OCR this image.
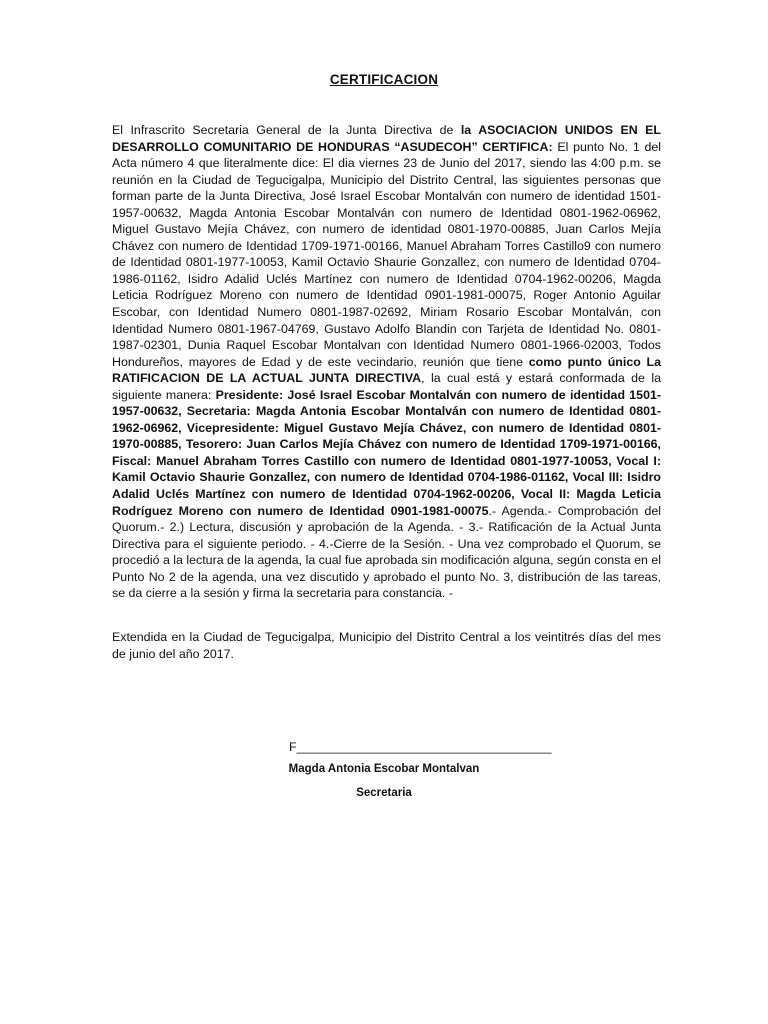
CERTIFICACION

El Infrascrito Secretaria General de la Junta Directiva de la ASOCIACION UNIDOS EN EL DESARROLLO COMUNITARIO DE HONDURAS “ASUDECOH” CERTIFICA: El punto No. 1 del Acta número 4 que literalmente dice: El dia viernes 23 de Junio del 2017, siendo las 4:00 p.m. se reunión en la Ciudad de Tegucigalpa, Municipio del Distrito Central, las siguientes personas que forman parte de la Junta Directiva, José Israel Escobar Montalván con numero de identidad 1501-1957-00632, Magda Antonia Escobar Montalván con numero de Identidad 0801-1962-06962, Miguel Gustavo Mejía Chávez, con numero de identidad 0801-1970-00885, Juan Carlos Mejía Chávez con numero de Identidad 1709-1971-00166, Manuel Abraham Torres Castillo9 con numero de Identidad 0801-1977-10053, Kamil Octavio Shaurie Gonzallez, con numero de Identidad 0704-1986-01162, Isidro Adalid Uclés Martínez con numero de Identidad 0704-1962-00206, Magda Leticia Rodríguez Moreno con numero de Identidad 0901-1981-00075, Roger Antonio Aguilar Escobar, con Identidad Numero 0801-1987-02692, Miriam Rosario Escobar Montalván, con Identidad Numero 0801-1967-04769, Gustavo Adolfo Blandin con Tarjeta de Identidad No. 0801-1987-02301, Dunia Raquel Escobar Montalvan con Identidad Numero 0801-1966-02003, Todos Hondureños, mayores de Edad y de este vecindario, reunión que tiene como punto único La RATIFICACION DE LA ACTUAL JUNTA DIRECTIVA, la cual está y estará conformada de la siguiente manera: Presidente: José Israel Escobar Montalván con numero de identidad 1501-1957-00632, Secretaria: Magda Antonia Escobar Montalván con numero de Identidad 0801-1962-06962, Vicepresidente: Miguel Gustavo Mejía Chávez, con numero de Identidad 0801-1970-00885, Tesorero: Juan Carlos Mejía Chávez con numero de Identidad 1709-1971-00166, Fiscal: Manuel Abraham Torres Castillo con numero de Identidad 0801-1977-10053, Vocal I: Kamil Octavio Shaurie Gonzallez, con numero de Identidad 0704-1986-01162, Vocal III: Isidro Adalid Uclés Martínez con numero de Identidad 0704-1962-00206, Vocal II: Magda Leticia Rodríguez Moreno con numero de Identidad 0901-1981-00075.- Agenda.- Comprobación del Quorum.- 2.) Lectura, discusión y aprobación de la Agenda. - 3.- Ratificación de la Actual Junta Directiva para el siguiente periodo. - 4.-Cierre de la Sesión. - Una vez comprobado el Quorum, se procedió a la lectura de la agenda, la cual fue aprobada sin modificación alguna, según consta en el Punto No 2 de la agenda, una vez discutido y aprobado el punto No. 3, distribución de las tareas, se da cierre a la sesión y firma la secretaria para constancia. -

Extendida en la Ciudad de Tegucigalpa, Municipio del Distrito Central a los veintitrés días del mes de junio del año 2017.

F_____________________________________
Magda Antonia Escobar Montalvan
Secretaria
